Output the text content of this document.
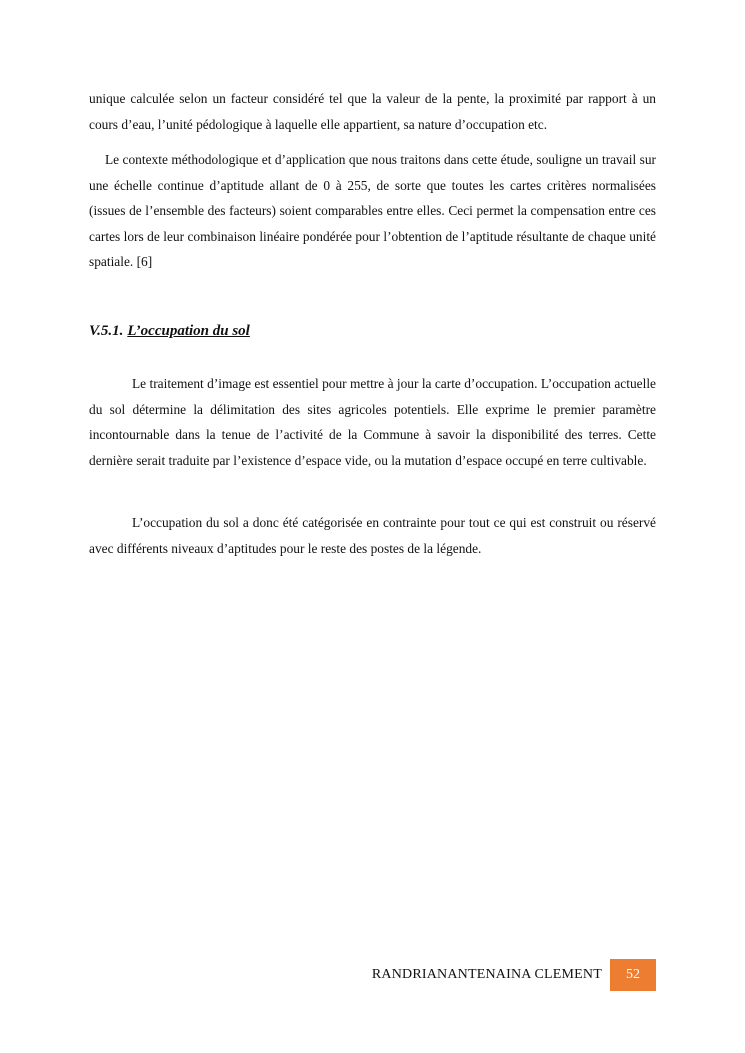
unique calculée selon un facteur considéré tel que la valeur de la pente, la proximité par rapport à un cours d’eau, l’unité pédologique à laquelle elle appartient, sa nature d’occupation etc.

Le contexte méthodologique et d’application que nous traitons dans cette étude, souligne un travail sur une échelle continue d’aptitude allant de 0 à 255, de sorte que toutes les cartes critères normalisées (issues de l’ensemble des facteurs) soient comparables entre elles. Ceci permet la compensation entre ces cartes lors de leur combinaison linéaire pondérée pour l’obtention de l’aptitude résultante de chaque unité spatiale. [6]

V.5.1. L’occupation du sol

Le traitement d’image est essentiel pour mettre à jour la carte d’occupation. L’occupation actuelle du sol détermine la délimitation des sites agricoles potentiels. Elle exprime le premier paramètre incontournable dans la tenue de l’activité de la Commune à savoir la disponibilité des terres. Cette dernière serait traduite par l’existence d’espace vide, ou la mutation d’espace occupé en terre cultivable.

L’occupation du sol a donc été catégorisée en contrainte pour tout ce qui est construit ou réservé avec différents niveaux d’aptitudes pour le reste des postes de la légende.

RANDRIANANTENAINA CLEMENT	52
